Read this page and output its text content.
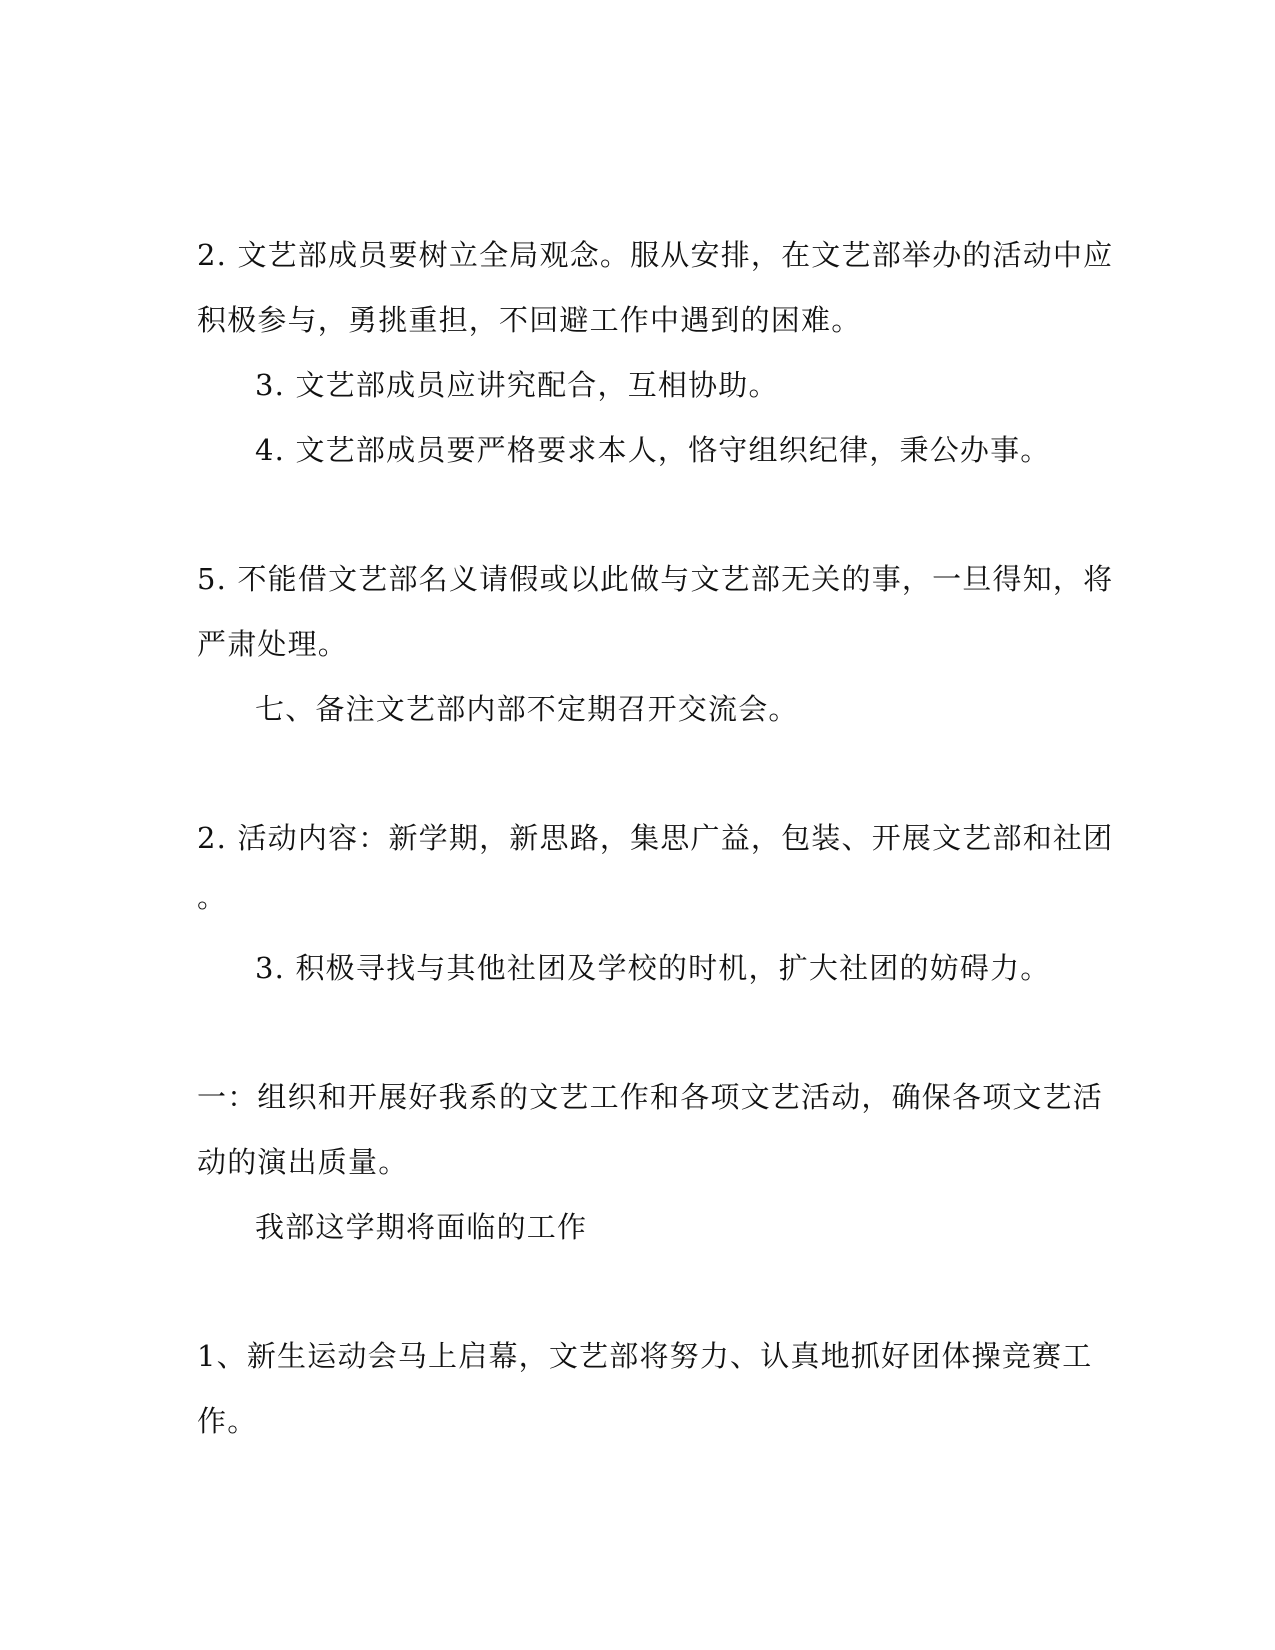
2. 文艺部成员要树立全局观念。服从安排，在文艺部举办的活动中应
积极参与，勇挑重担，不回避工作中遇到的困难。
3. 文艺部成员应讲究配合，互相协助。
4. 文艺部成员要严格要求本人，恪守组织纪律，秉公办事。
5. 不能借文艺部名义请假或以此做与文艺部无关的事，一旦得知，将
严肃处理。
七、备注文艺部内部不定期召开交流会。
2. 活动内容：新学期，新思路，集思广益，包装、开展文艺部和社团
。
3. 积极寻找与其他社团及学校的时机，扩大社团的妨碍力。
一：组织和开展好我系的文艺工作和各项文艺活动，确保各项文艺活
动的演出质量。
我部这学期将面临的工作
1、新生运动会马上启幕，文艺部将努力、认真地抓好团体操竞赛工
作。
